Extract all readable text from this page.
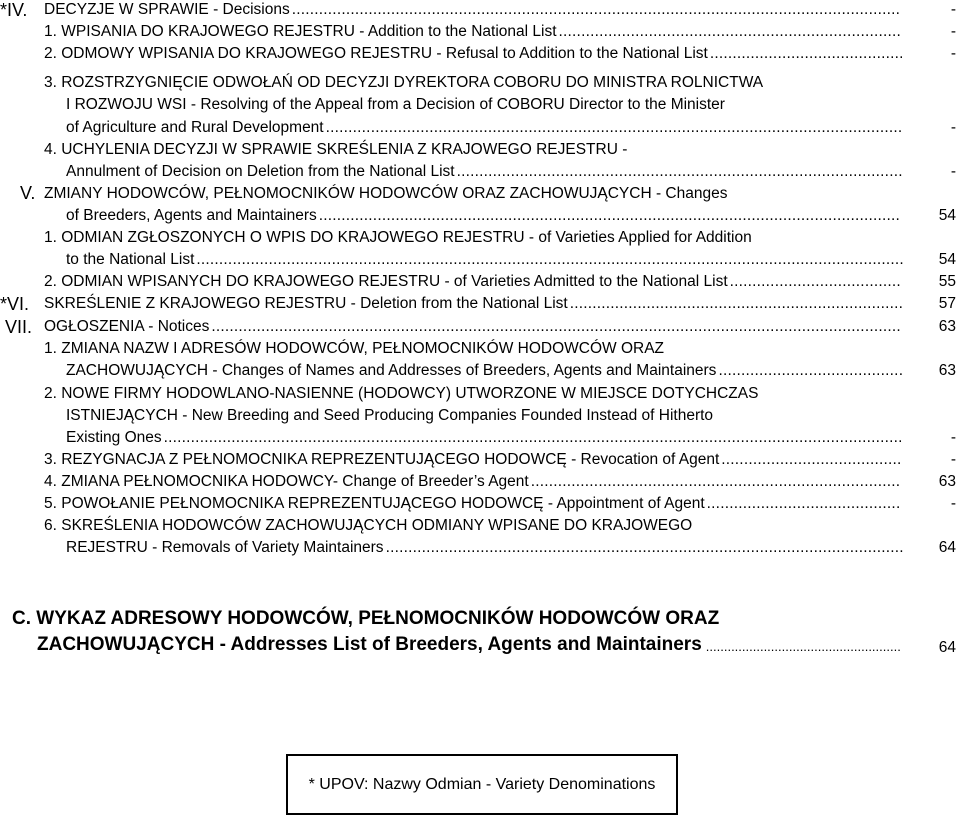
*IV. DECYZJE W SPRAWIE - Decisions .......................................................................................................................................	-
1. WPISANIA DO KRAJOWEGO REJESTRU - Addition to the National List ............................................................................	-
2. ODMOWY WPISANIA DO KRAJOWEGO REJESTRU - Refusal to Addition to the National List ...........................................	-
3. ROZSTRZYGNIĘCIE ODWOŁAŃ OD DECYZJI DYREKTORA COBORU DO MINISTRA ROLNICTWA
I ROZWOJU WSI - Resolving of the Appeal from a Decision of COBORU Director to the Minister
of Agriculture and Rural Development ................................................................................................................................	-
4. UCHYLENIA DECYZJI W SPRAWIE SKREŚLENIA Z KRAJOWEGO REJESTRU -
Annulment of Decision on Deletion from the National List ...................................................................................................	-
V. ZMIANY HODOWCÓW, PEŁNOMOCNIKÓW HODOWCÓW ORAZ ZACHOWUJĄCYCH - Changes
of Breeders, Agents and Maintainers .................................................................................................................................	54
1. ODMIAN ZGŁOSZONYCH O WPIS DO KRAJOWEGO REJESTRU - of Varieties Applied for Addition
to the National List .............................................................................................................................................................	54
2. ODMIAN WPISANYCH DO KRAJOWEGO REJESTRU - of Varieties Admitted to the National List ......................................	55
*VI. SKREŚLENIE Z KRAJOWEGO REJESTRU - Deletion from the National List ..........................................................................	57
VII. OGŁOSZENIA - Notices .........................................................................................................................................................	63
1. ZMIANA NAZW I ADRESÓW HODOWCÓW, PEŁNOMOCNIKÓW HODOWCÓW ORAZ
ZACHOWUJĄCYCH - Changes of Names and Addresses of Breeders, Agents and Maintainers .........................................	63
2. NOWE FIRMY HODOWLANO-NASIENNE (HODOWCY) UTWORZONE W MIEJSCE DOTYCHCZAS
ISTNIEJĄCYCH - New Breeding and Seed Producing Companies Founded Instead of Hitherto
Existing Ones ....................................................................................................................................................................	-
3. REZYGNACJA Z PEŁNOMOCNIKA REPREZENTUJĄCEGO HODOWCĘ - Revocation of Agent ........................................	-
4. ZMIANA PEŁNOMOCNIKA HODOWCY- Change of Breeder’s Agent ..................................................................................	63
5. POWOŁANIE PEŁNOMOCNIKA REPREZENTUJĄCEGO HODOWCĘ - Appointment of Agent ...........................................	-
6. SKREŚLENIA HODOWCÓW ZACHOWUJĄCYCH ODMIANY WPISANE DO KRAJOWEGO
REJESTRU - Removals of Variety Maintainers ...................................................................................................................	64
C. WYKAZ ADRESOWY HODOWCÓW, PEŁNOMOCNIKÓW HODOWCÓW ORAZ
ZACHOWUJĄCYCH - Addresses List of Breeders, Agents and Maintainers ......................................................	64
* UPOV: Nazwy Odmian - Variety Denominations
